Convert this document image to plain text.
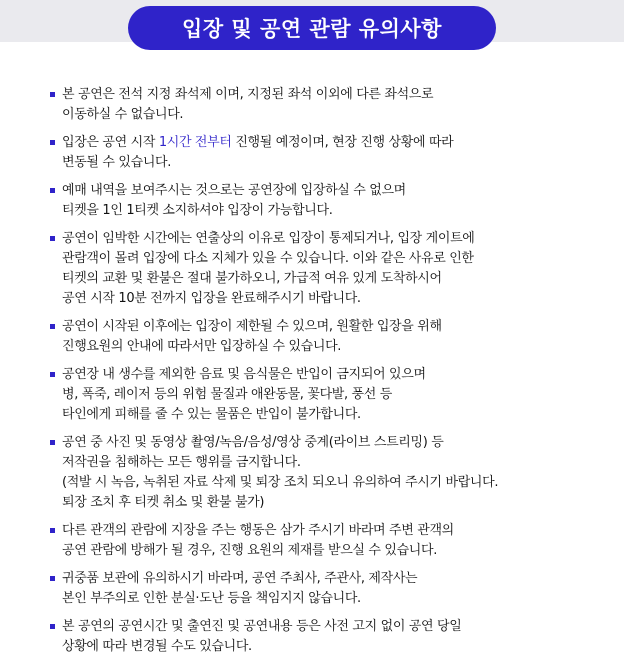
입장 및 공연 관람 유의사항
본 공연은 전석 지정 좌석제 이며, 지정된 좌석 이외에 다른 좌석으로
이동하실 수 없습니다.
입장은 공연 시작 1시간 전부터 진행될 예정이며, 현장 진행 상황에 따라
변동될 수 있습니다.
예매 내역을 보여주시는 것으로는 공연장에 입장하실 수 없으며
티켓을 1인 1티켓 소지하셔야 입장이 가능합니다.
공연이 임박한 시간에는 연출상의 이유로 입장이 통제되거나, 입장 게이트에
관람객이 몰려 입장에 다소 지체가 있을 수 있습니다. 이와 같은 사유로 인한
티켓의 교환 및 환불은 절대 불가하오니, 가급적 여유 있게 도착하시어
공연 시작 10분 전까지 입장을 완료해주시기 바랍니다.
공연이 시작된 이후에는 입장이 제한될 수 있으며, 원활한 입장을 위해
진행요원의 안내에 따라서만 입장하실 수 있습니다.
공연장 내 생수를 제외한 음료 및 음식물은 반입이 금지되어 있으며
병, 폭죽, 레이저 등의 위험 물질과 애완동물, 꽃다발, 풍선 등
타인에게 피해를 줄 수 있는 물품은 반입이 불가합니다.
공연 중 사진 및 동영상 촬영/녹음/음성/영상 중계(라이브 스트리밍) 등
저작권을 침해하는 모든 행위를 금지합니다.
(적발 시 녹음, 녹취된 자료 삭제 및 퇴장 조치 되오니 유의하여 주시기 바랍니다.
퇴장 조치 후 티켓 취소 및 환불 불가)
다른 관객의 관람에 지장을 주는 행동은 삼가 주시기 바라며 주변 관객의
공연 관람에 방해가 될 경우, 진행 요원의 제재를 받으실 수 있습니다.
귀중품 보관에 유의하시기 바라며, 공연 주최사, 주관사, 제작사는
본인 부주의로 인한 분실·도난 등을 책임지지 않습니다.
본 공연의 공연시간 및 출연진 및 공연내용 등은 사전 고지 없이 공연 당일
상황에 따라 변경될 수도 있습니다.
